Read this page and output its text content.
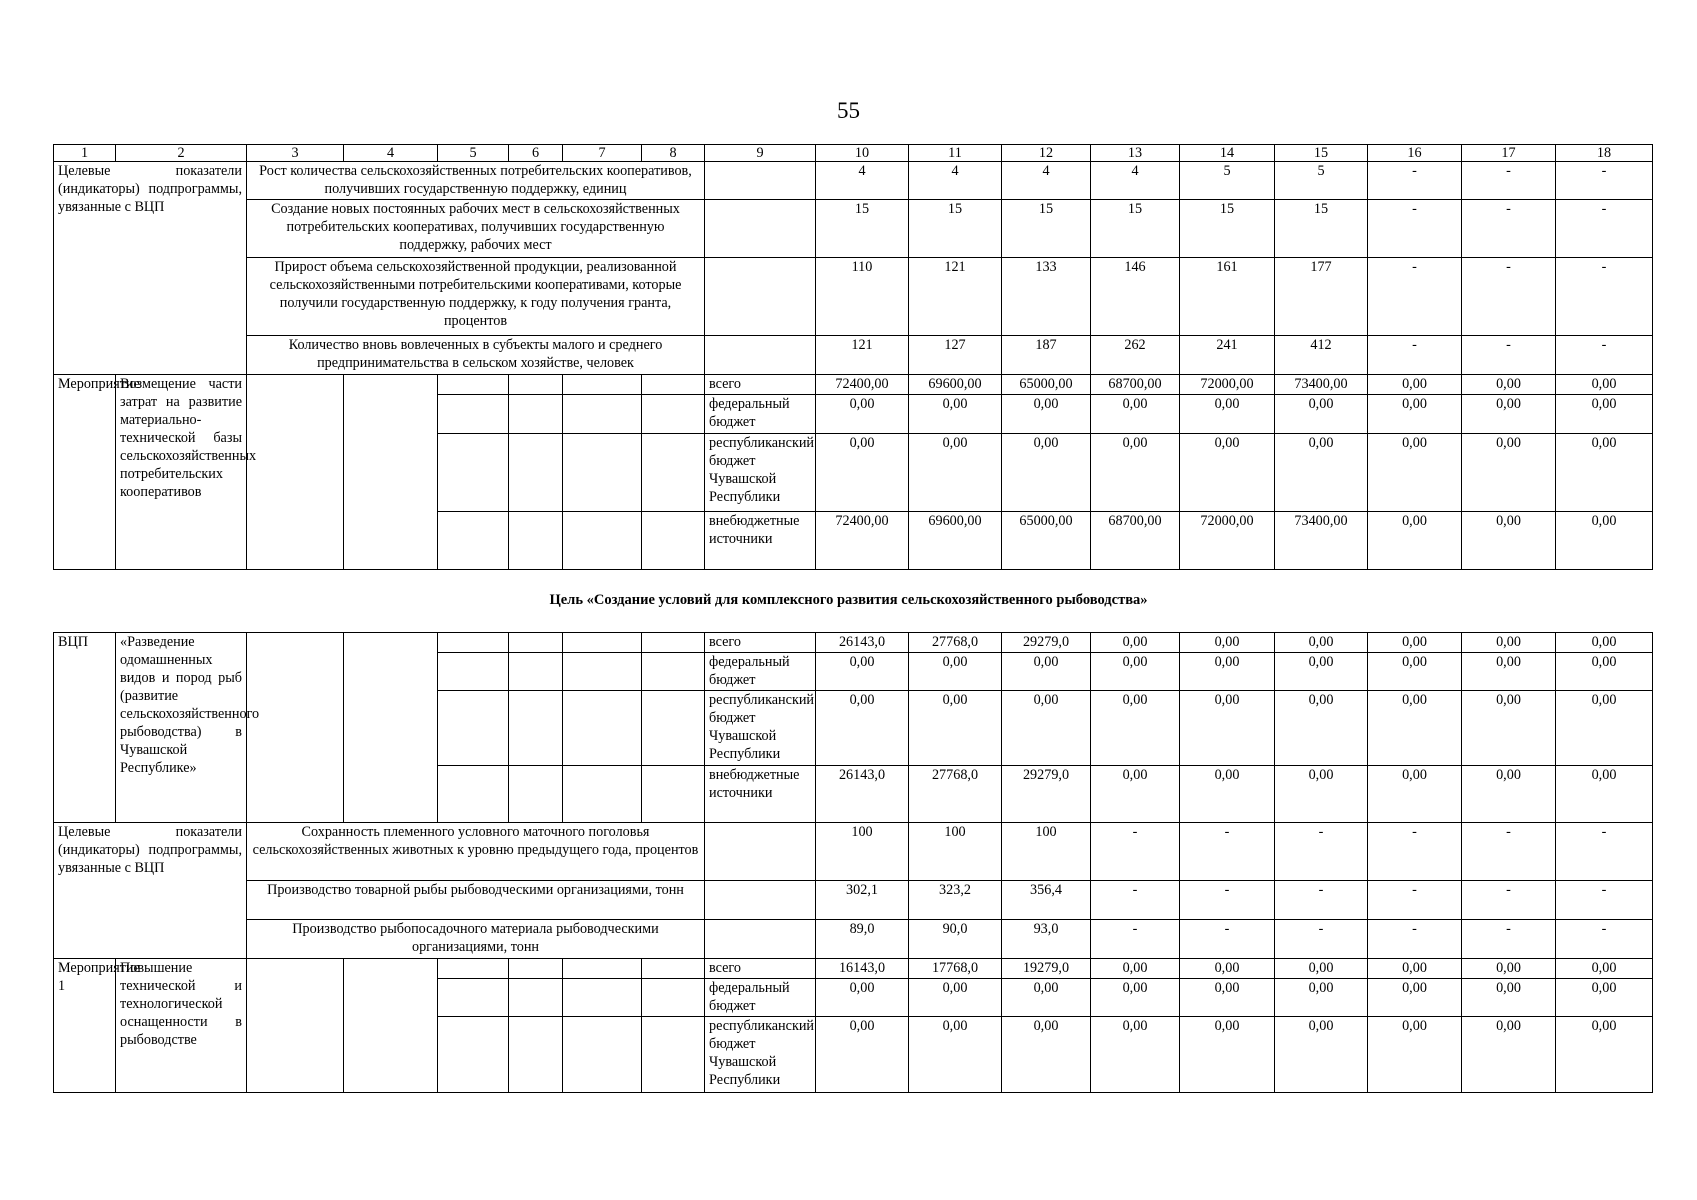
55
1	2	3	4	5	6	7	8	9	10	11	12	13	14	15	16	17	18
Целевые показатели (индикаторы) подпрограммы, увязанные с ВЦП		Рост количества сельскохозяйственных потребительских кооперативов, получивших государственную поддержку, единиц							4	4	4	4	5	5	-	-	-
		Создание новых постоянных рабочих мест в сельскохозяйственных потребительских кооперативах, получивших государственную поддержку, рабочих мест							15	15	15	15	15	15	-	-	-
		Прирост объема сельскохозяйственной продукции, реализованной сельскохозяйственными потребительскими кооперативами, которые получили государственную поддержку, к году получения гранта, процентов							110	121	133	146	161	177	-	-	-
		Количество вновь вовлеченных в субъекты малого и среднего предпринимательства в сельском хозяйстве, человек							121	127	187	262	241	412	-	-	-
Мероприятие	Возмещение части затрат на развитие материально-технической базы сельскохозяйственных потребительских кооперативов							всего	72400,00	69600,00	65000,00	68700,00	72000,00	73400,00	0,00	0,00	0,00
								федеральный бюджет	0,00	0,00	0,00	0,00	0,00	0,00	0,00	0,00	0,00
								республиканский бюджет Чувашской Республики	0,00	0,00	0,00	0,00	0,00	0,00	0,00	0,00	0,00
								внебюджетные источники	72400,00	69600,00	65000,00	68700,00	72000,00	73400,00	0,00	0,00	0,00
Цель «Создание условий для комплексного развития сельскохозяйственного рыбоводства»
ВЦП	«Разведение одомашненных видов и пород рыб (развитие сельскохозяйственного рыбоводства) в Чувашской Республике»							всего	26143,0	27768,0	29279,0	0,00	0,00	0,00	0,00	0,00	0,00
								федеральный бюджет	0,00	0,00	0,00	0,00	0,00	0,00	0,00	0,00	0,00
								республиканский бюджет Чувашской Республики	0,00	0,00	0,00	0,00	0,00	0,00	0,00	0,00	0,00
								внебюджетные источники	26143,0	27768,0	29279,0	0,00	0,00	0,00	0,00	0,00	0,00
Целевые показатели (индикаторы) подпрограммы, увязанные с ВЦП		Сохранность племенного условного маточного поголовья сельскохозяйственных животных к уровню предыдущего года, процентов							100	100	100	-	-	-	-	-	-
		Производство товарной рыбы рыбоводческими организациями, тонн							302,1	323,2	356,4	-	-	-	-	-	-
		Производство рыбопосадочного материала рыбоводческими организациями, тонн							89,0	90,0	93,0	-	-	-	-	-	-
Мероприятие 1	Повышение технической и технологической оснащенности в рыбоводстве							всего	16143,0	17768,0	19279,0	0,00	0,00	0,00	0,00	0,00	0,00
								федеральный бюджет	0,00	0,00	0,00	0,00	0,00	0,00	0,00	0,00	0,00
								республиканский бюджет Чувашской Республики	0,00	0,00	0,00	0,00	0,00	0,00	0,00	0,00	0,00
